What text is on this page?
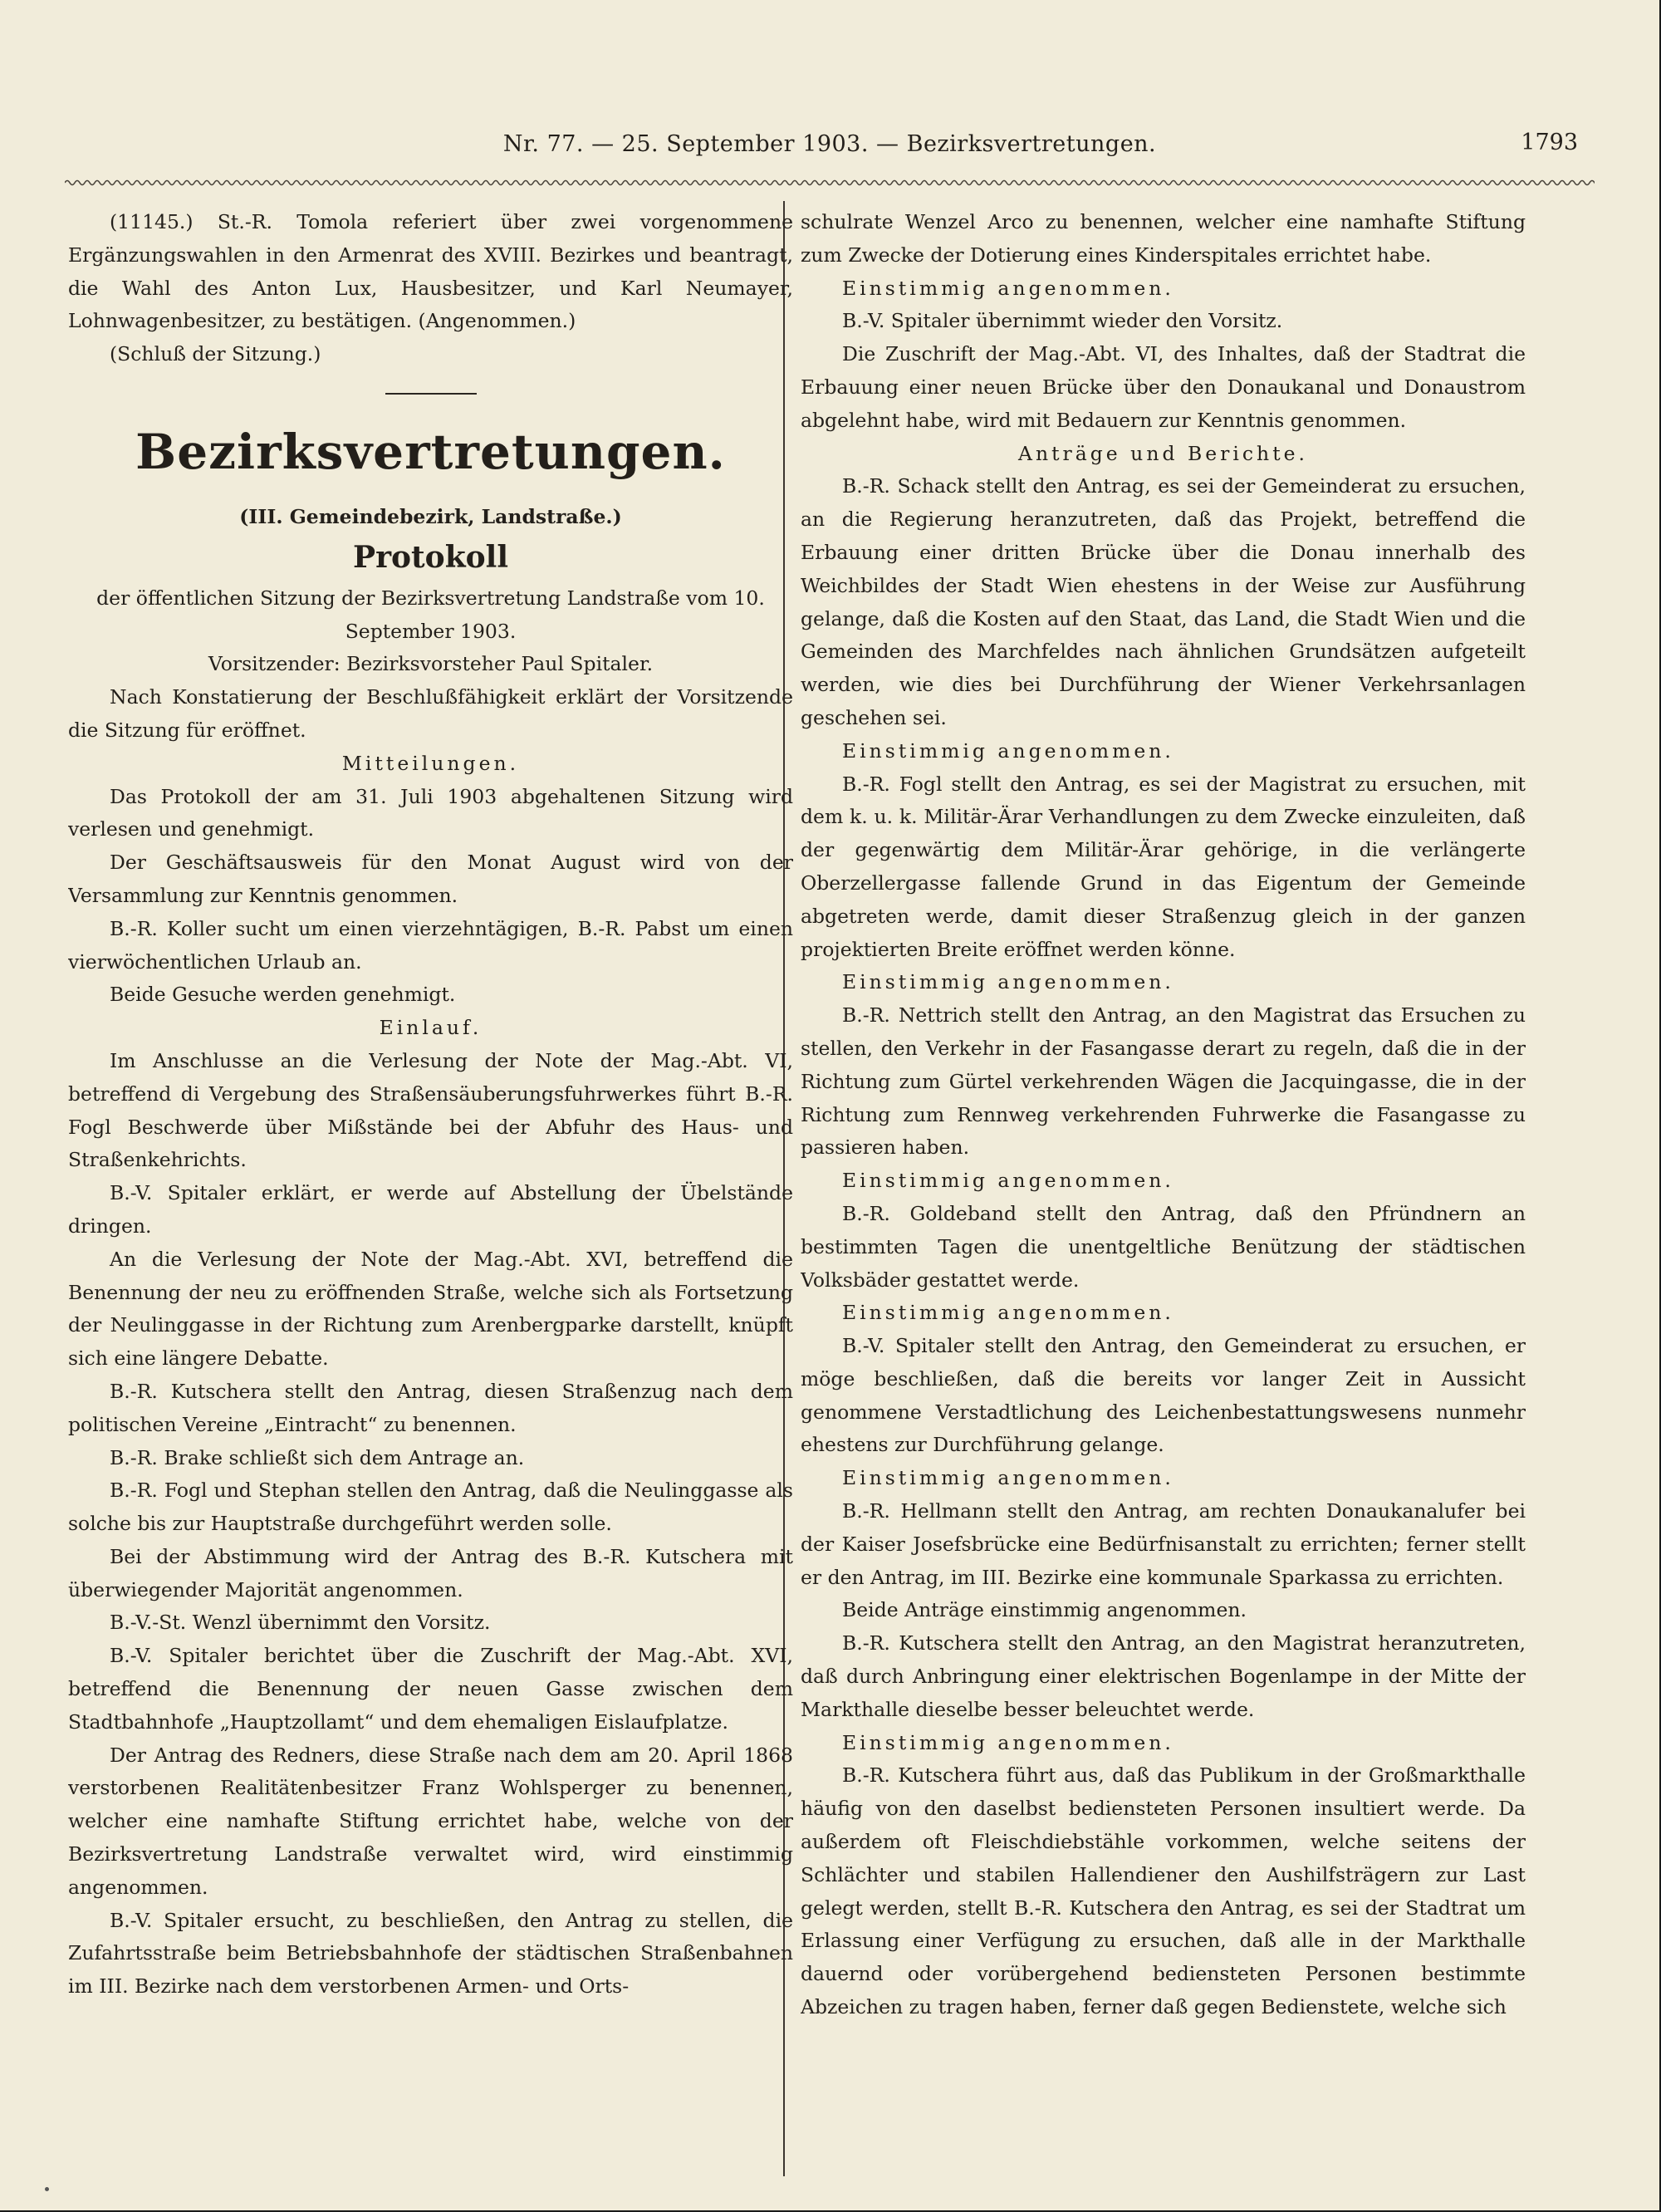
Nr. 77. — 25. September 1903. — Bezirksvertretungen.	1793

(11145.) St.-R. Tomola referiert über zwei vorgenommene Ergänzungswahlen in den Armenrat des XVIII. Bezirkes und beantragt, die Wahl des Anton Lux, Hausbesitzer, und Karl Neumayer, Lohnwagenbesitzer, zu bestätigen. (Angenommen.)

(Schluß der Sitzung.)

Bezirksvertretungen.

(III. Gemeindebezirk, Landstraße.)

Protokoll

der öffentlichen Sitzung der Bezirksvertretung Landstraße vom 10. September 1903.

Vorsitzender: Bezirksvorsteher Paul Spitaler.

Nach Konstatierung der Beschlußfähigkeit erklärt der Vorsitzende die Sitzung für eröffnet.

Mitteilungen.

Das Protokoll der am 31. Juli 1903 abgehaltenen Sitzung wird verlesen und genehmigt.

Der Geschäftsausweis für den Monat August wird von der Versammlung zur Kenntnis genommen.

B.-R. Koller sucht um einen vierzehntägigen, B.-R. Pabst um einen vierwöchentlichen Urlaub an.

Beide Gesuche werden genehmigt.

Einlauf.

Im Anschlusse an die Verlesung der Note der Mag.-Abt. VI, betreffend di Vergebung des Straßensäuberungsfuhrwerkes führt B.-R. Fogl Beschwerde über Mißstände bei der Abfuhr des Haus- und Straßenkehrichts.

B.-V. Spitaler erklärt, er werde auf Abstellung der Übelstände dringen.

An die Verlesung der Note der Mag.-Abt. XVI, betreffend die Benennung der neu zu eröffnenden Straße, welche sich als Fortsetzung der Neulinggasse in der Richtung zum Arenbergparke darstellt, knüpft sich eine längere Debatte.

B.-R. Kutschera stellt den Antrag, diesen Straßenzug nach dem politischen Vereine „Eintracht“ zu benennen.

B.-R. Brake schließt sich dem Antrage an.

B.-R. Fogl und Stephan stellen den Antrag, daß die Neulinggasse als solche bis zur Hauptstraße durchgeführt werden solle.

Bei der Abstimmung wird der Antrag des B.-R. Kutschera mit überwiegender Majorität angenommen.

B.-V.-St. Wenzl übernimmt den Vorsitz.

B.-V. Spitaler berichtet über die Zuschrift der Mag.-Abt. XVI, betreffend die Benennung der neuen Gasse zwischen dem Stadtbahnhofe „Hauptzollamt“ und dem ehemaligen Eislaufplatze.

Der Antrag des Redners, diese Straße nach dem am 20. April 1868 verstorbenen Realitätenbesitzer Franz Wohlsperger zu benennen, welcher eine namhafte Stiftung errichtet habe, welche von der Bezirksvertretung Landstraße verwaltet wird, wird einstimmig angenommen.

B.-V. Spitaler ersucht, zu beschließen, den Antrag zu stellen, die Zufahrtsstraße beim Betriebsbahnhofe der städtischen Straßenbahnen im III. Bezirke nach dem verstorbenen Armen- und Orts-

schulrate Wenzel Arco zu benennen, welcher eine namhafte Stiftung zum Zwecke der Dotierung eines Kinderspitales errichtet habe.

Einstimmig angenommen.

B.-V. Spitaler übernimmt wieder den Vorsitz.

Die Zuschrift der Mag.-Abt. VI, des Inhaltes, daß der Stadtrat die Erbauung einer neuen Brücke über den Donaukanal und Donaustrom abgelehnt habe, wird mit Bedauern zur Kenntnis genommen.

Anträge und Berichte.

B.-R. Schack stellt den Antrag, es sei der Gemeinderat zu ersuchen, an die Regierung heranzutreten, daß das Projekt, betreffend die Erbauung einer dritten Brücke über die Donau innerhalb des Weichbildes der Stadt Wien ehestens in der Weise zur Ausführung gelange, daß die Kosten auf den Staat, das Land, die Stadt Wien und die Gemeinden des Marchfeldes nach ähnlichen Grundsätzen aufgeteilt werden, wie dies bei Durchführung der Wiener Verkehrsanlagen geschehen sei.

Einstimmig angenommen.

B.-R. Fogl stellt den Antrag, es sei der Magistrat zu ersuchen, mit dem k. u. k. Militär-Ärar Verhandlungen zu dem Zwecke einzuleiten, daß der gegenwärtig dem Militär-Ärar gehörige, in die verlängerte Oberzellergasse fallende Grund in das Eigentum der Gemeinde abgetreten werde, damit dieser Straßenzug gleich in der ganzen projektierten Breite eröffnet werden könne.

Einstimmig angenommen.

B.-R. Nettrich stellt den Antrag, an den Magistrat das Ersuchen zu stellen, den Verkehr in der Fasangasse derart zu regeln, daß die in der Richtung zum Gürtel verkehrenden Wägen die Jacquingasse, die in der Richtung zum Rennweg verkehrenden Fuhrwerke die Fasangasse zu passieren haben.

Einstimmig angenommen.

B.-R. Goldeband stellt den Antrag, daß den Pfründnern an bestimmten Tagen die unentgeltliche Benützung der städtischen Volksbäder gestattet werde.

Einstimmig angenommen.

B.-V. Spitaler stellt den Antrag, den Gemeinderat zu ersuchen, er möge beschließen, daß die bereits vor langer Zeit in Aussicht genommene Verstadtlichung des Leichenbestattungswesens nunmehr ehestens zur Durchführung gelange.

Einstimmig angenommen.

B.-R. Hellmann stellt den Antrag, am rechten Donaukanalufer bei der Kaiser Josefsbrücke eine Bedürfnisanstalt zu errichten; ferner stellt er den Antrag, im III. Bezirke eine kommunale Sparkassa zu errichten.

Beide Anträge einstimmig angenommen.

B.-R. Kutschera stellt den Antrag, an den Magistrat heranzutreten, daß durch Anbringung einer elektrischen Bogenlampe in der Mitte der Markthalle dieselbe besser beleuchtet werde.

Einstimmig angenommen.

B.-R. Kutschera führt aus, daß das Publikum in der Großmarkthalle häufig von den daselbst bediensteten Personen insultiert werde. Da außerdem oft Fleischdiebstähle vorkommen, welche seitens der Schlächter und stabilen Hallendiener den Aushilfsträgern zur Last gelegt werden, stellt B.-R. Kutschera den Antrag, es sei der Stadtrat um Erlassung einer Verfügung zu ersuchen, daß alle in der Markthalle dauernd oder vorübergehend bediensteten Personen bestimmte Abzeichen zu tragen haben, ferner daß gegen Bedienstete, welche sich
